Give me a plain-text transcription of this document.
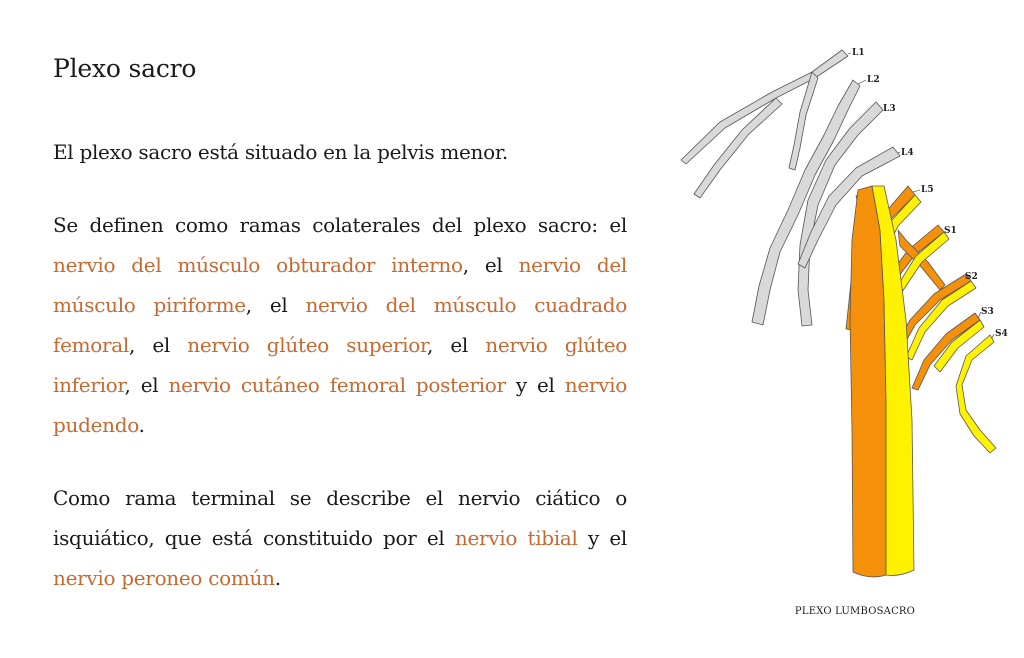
Plexo sacro

El plexo sacro está situado en la pelvis menor.

Se definen como ramas colaterales del plexo sacro: el nervio del músculo obturador interno, el nervio del músculo piriforme, el nervio del músculo cuadrado femoral, el nervio glúteo superior, el nervio glúteo inferior, el nervio cutáneo femoral posterior y el nervio pudendo.

Como rama terminal se describe el nervio ciático o isquiático, que está constituido por el nervio tibial y el nervio peroneo común.

L1
L2
L3
L4
L5
S1
S2
S3
S4
PLEXO LUMBOSACRO
